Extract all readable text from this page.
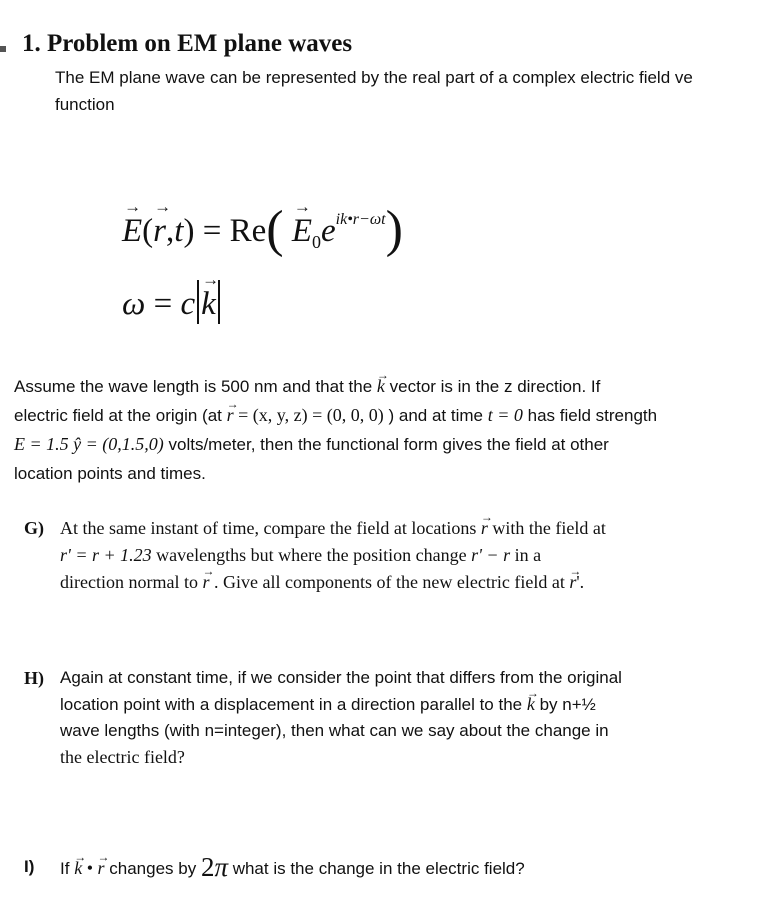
1. Problem on EM plane waves
The EM plane wave can be represented by the real part of a complex electric field ve
function
→ $E(\to r,t) = Re( \to E_0e^{ik•r-\omega t})$
ω = c → k
Assume the wave length is 500 nm and that the → k vector is in the z direction. If
electric field at the origin (at → r = (x, y, z) = (0, 0, 0) ) and at time t = 0 has field strength
E = 1.5 ŷ = (0,1.5,0) volts/meter, then the functional form gives the field at other
location points and times.
G) At the same instant of time, compare the field at locations → r with the field at
r' = r + 1.23 wavelengths but where the position change r' − r in a
direction normal to → r . Give all components of the new electric field at → r'.
H) Again at constant time, if we consider the point that differs from the original
location point with a displacement in a direction parallel to the → k by n+½
wave lengths (with n=integer), then what can we say about the change in
the electric field?
I) If → k • → r changes by 2π what is the change in the electric field?
